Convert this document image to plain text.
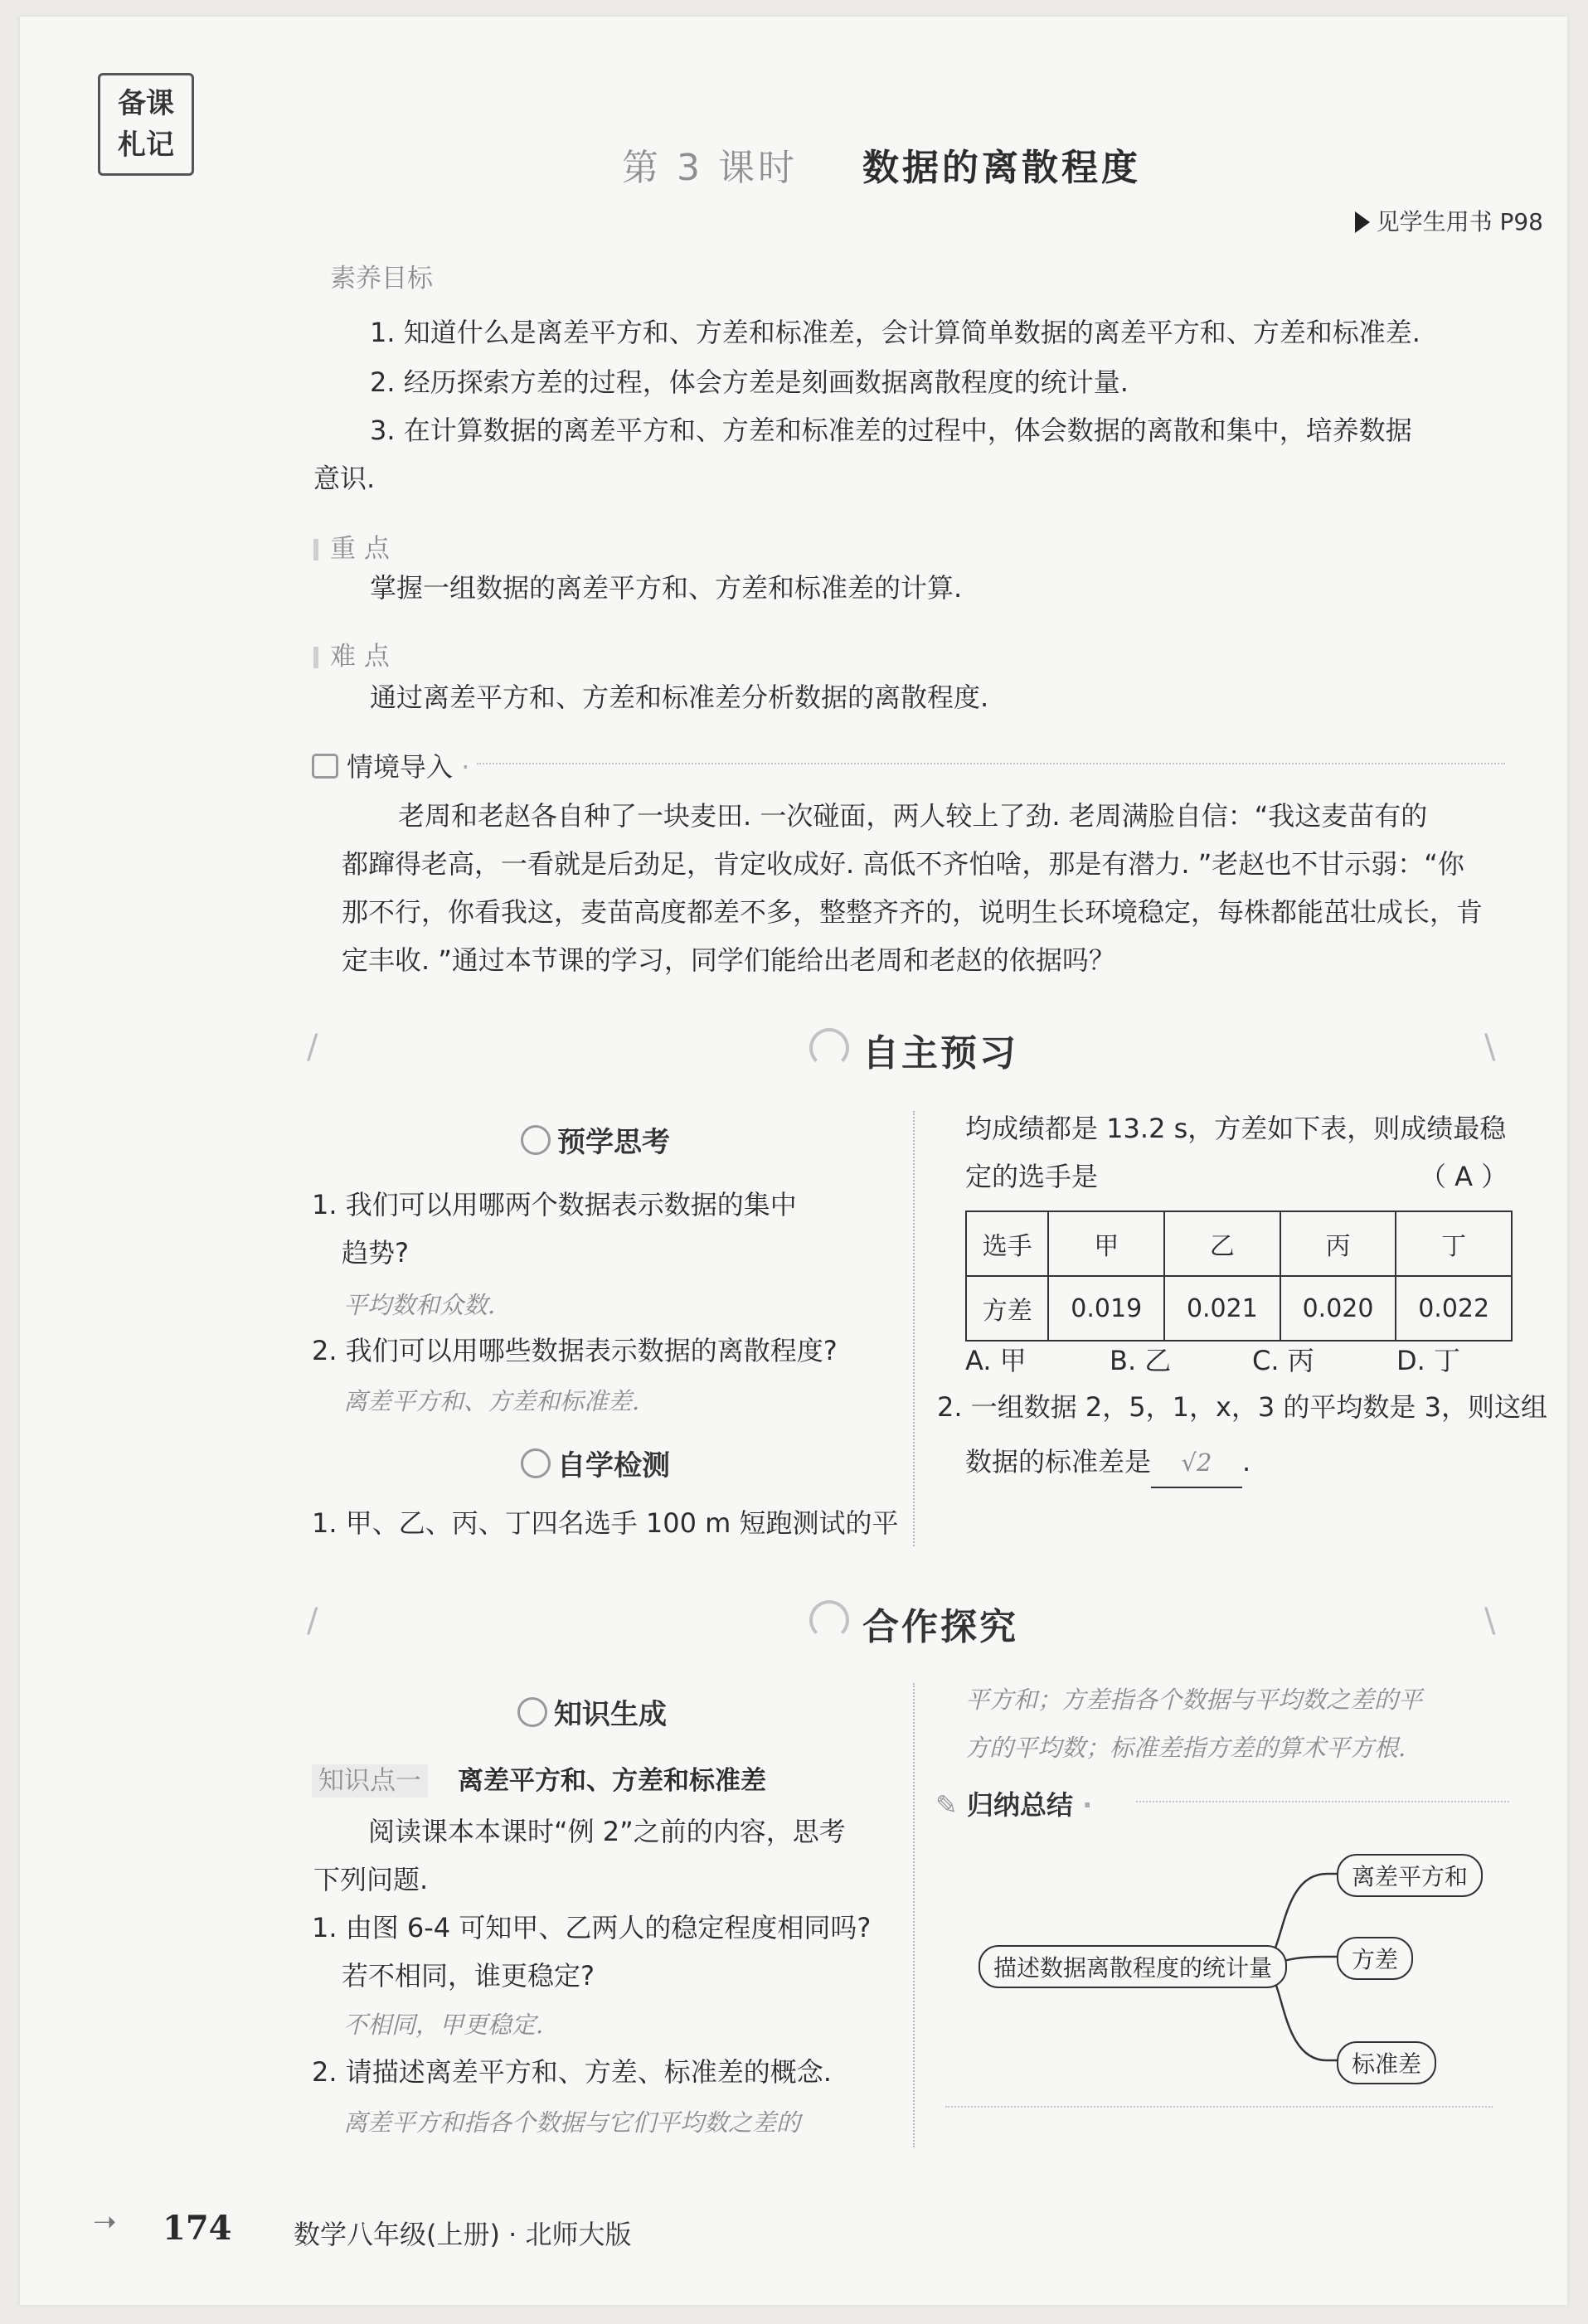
备课
札记
第 3 课时 数据的离散程度
见学生用书 P98
素养目标
1. 知道什么是离差平方和、方差和标准差，会计算简单数据的离差平方和、方差和标准差.
2. 经历探索方差的过程，体会方差是刻画数据离散程度的统计量.
3. 在计算数据的离差平方和、方差和标准差的过程中，体会数据的离散和集中，培养数据
意识.
重 点
掌握一组数据的离差平方和、方差和标准差的计算.
难 点
通过离差平方和、方差和标准差分析数据的离散程度.
情境导入 ·
老周和老赵各自种了一块麦田. 一次碰面，两人较上了劲. 老周满脸自信：“我这麦苗有的
都蹿得老高，一看就是后劲足，肯定收成好. 高低不齐怕啥，那是有潜力. ”老赵也不甘示弱：“你
那不行，你看我这，麦苗高度都差不多，整整齐齐的，说明生长环境稳定，每株都能茁壮成长，肯
定丰收. ”通过本节课的学习，同学们能给出老周和老赵的依据吗？
/	\
自主预习
预学思考
1. 我们可以用哪两个数据表示数据的集中
趋势?
平均数和众数.
2. 我们可以用哪些数据表示数据的离散程度?
离差平方和、方差和标准差.
自学检测
1. 甲、乙、丙、丁四名选手 100 m 短跑测试的平
均成绩都是 13.2 s，方差如下表，则成绩最稳
定的选手是	（ A ）
选手	甲	乙	丙	丁
方差	0.019	0.021	0.020	0.022
A. 甲	B. 乙	C. 丙	D. 丁
2. 一组数据 2，5，1，x，3 的平均数是 3，则这组
数据的标准差是 √2 .
/	\
合作探究
知识生成
知识点一 离差平方和、方差和标准差
阅读课本本课时“例 2”之前的内容，思考
下列问题.
1. 由图 6-4 可知甲、乙两人的稳定程度相同吗?
若不相同，谁更稳定?
不相同，甲更稳定.
2. 请描述离差平方和、方差、标准差的概念.
离差平方和指各个数据与它们平均数之差的
平方和；方差指各个数据与平均数之差的平
方的平均数；标准差指方差的算术平方根.
✎ 归纳总结 ·
描述数据离散程度的统计量
离差平方和
方差
标准差
➝ 174 数学八年级(上册) · 北师大版
